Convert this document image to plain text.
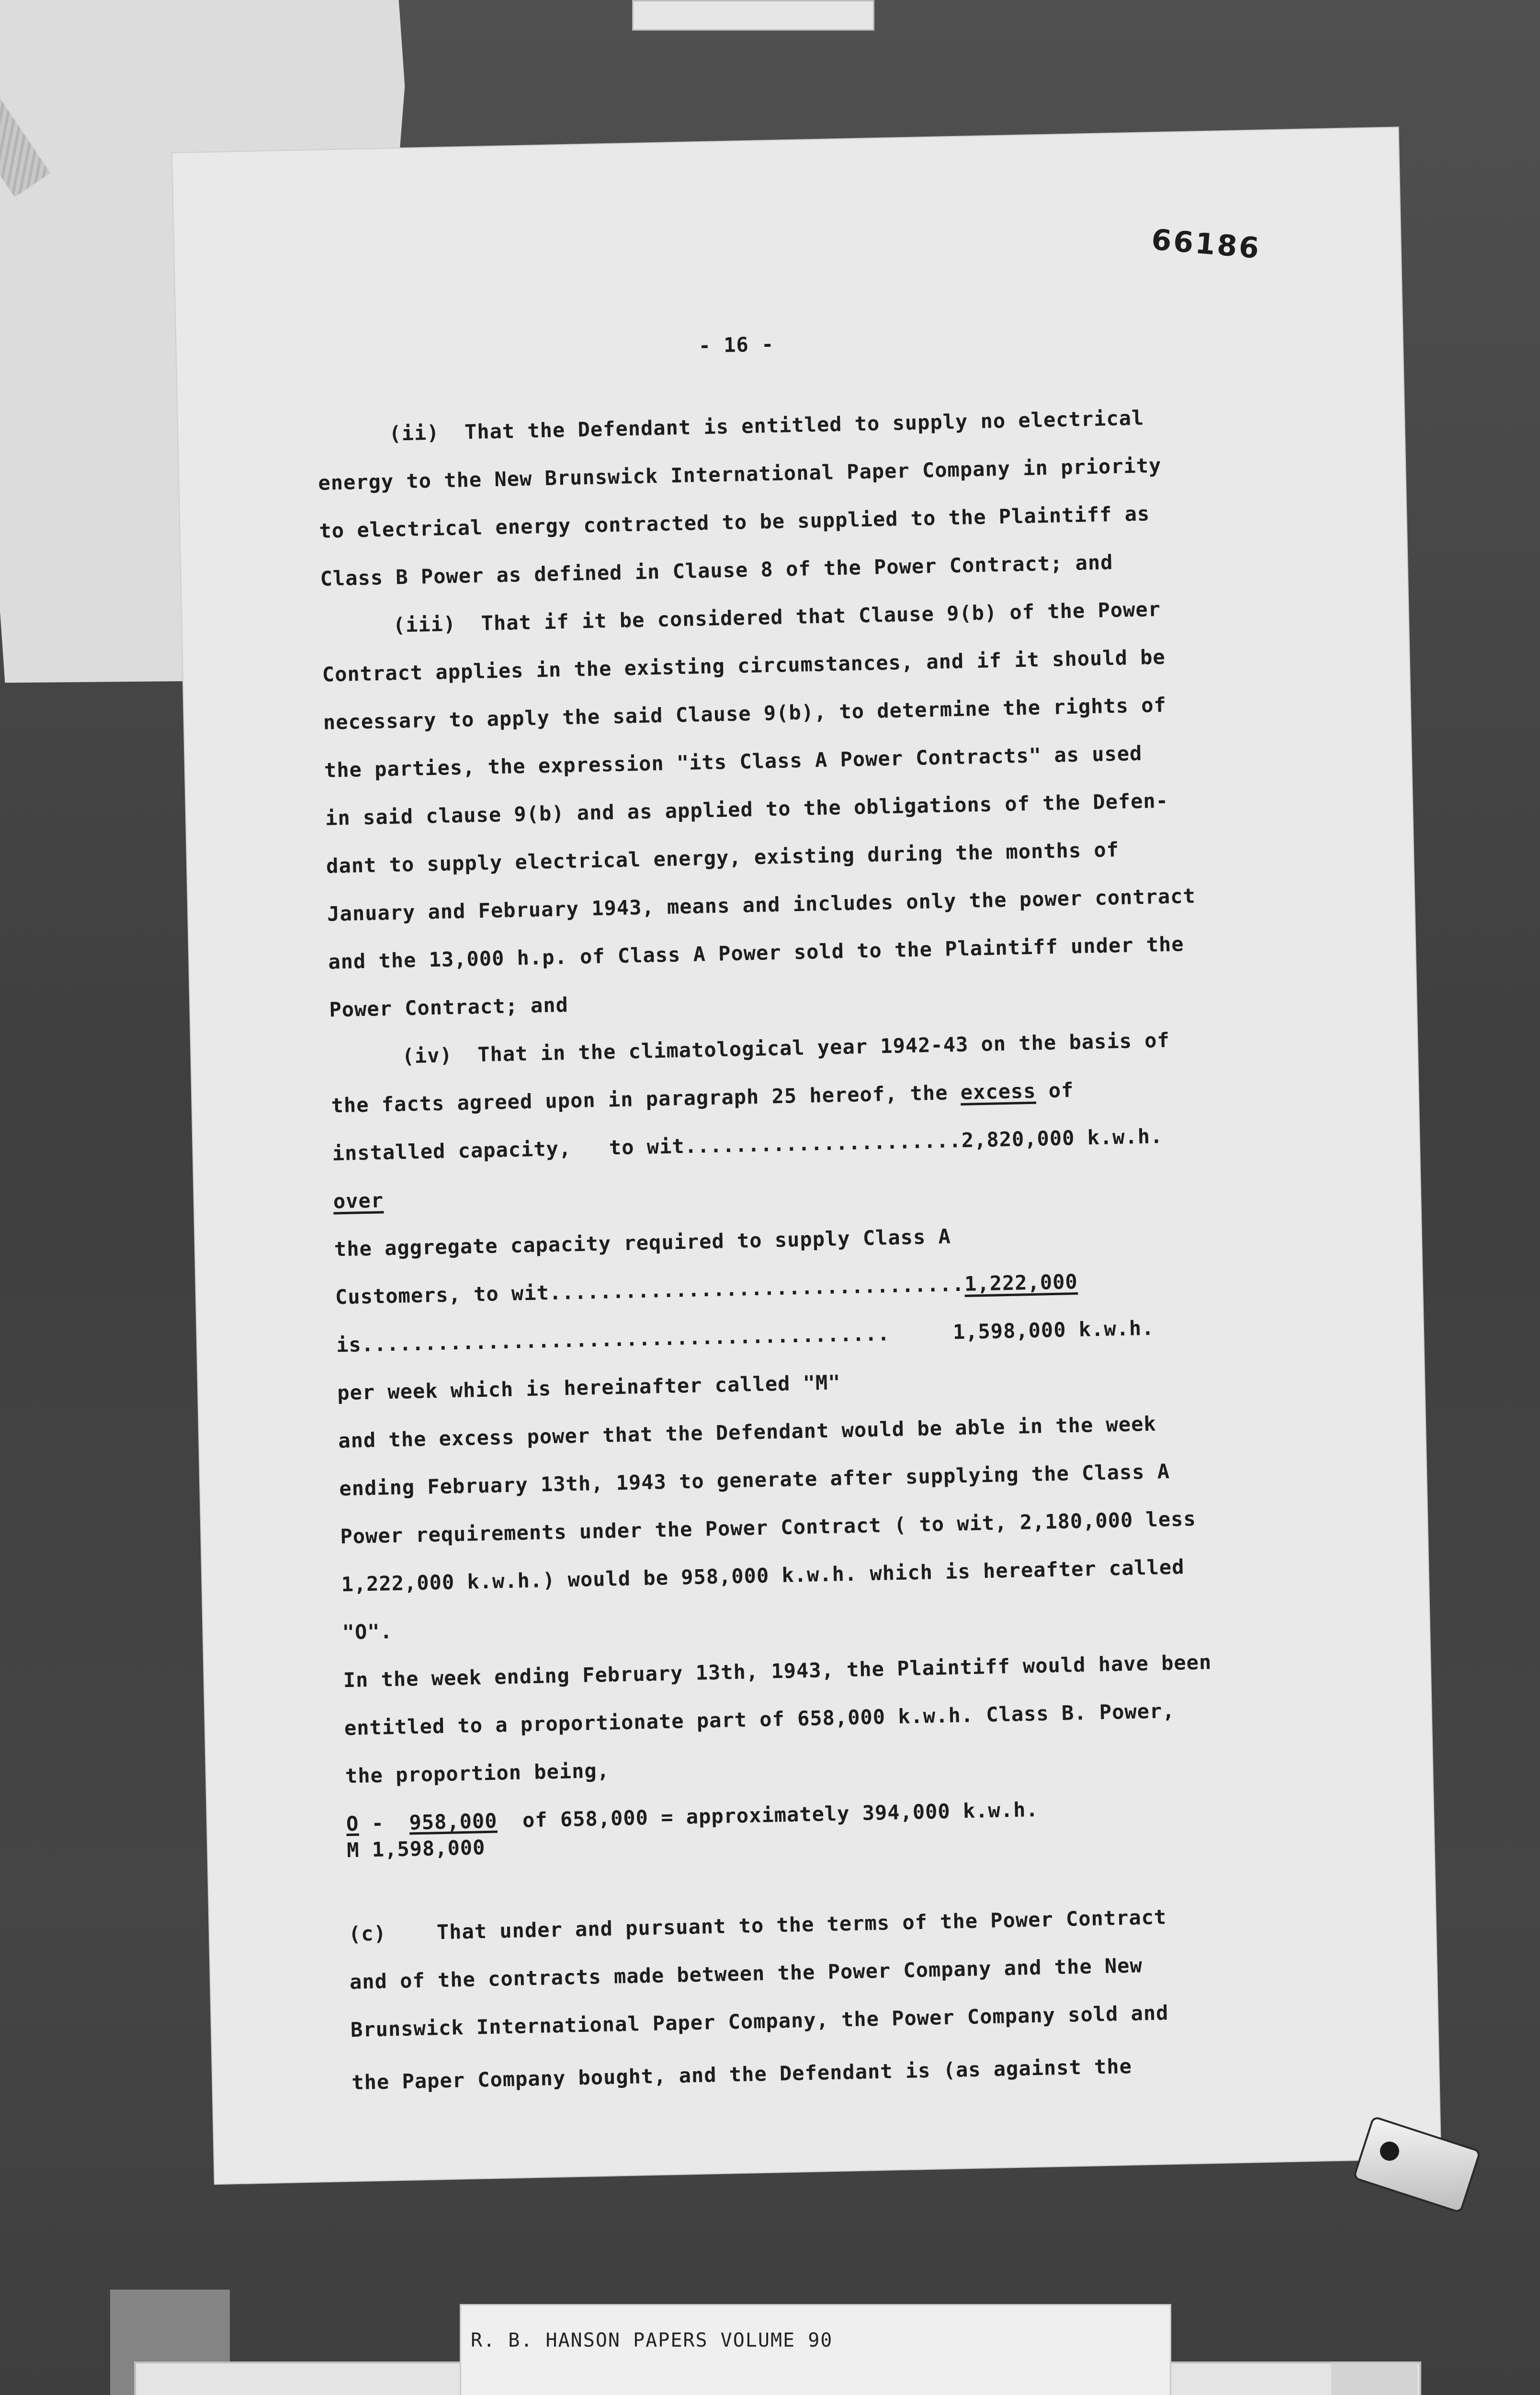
66186
- 16 -
(ii)  That the Defendant is entitled to supply no electrical
energy to the New Brunswick International Paper Company in priority
to electrical energy contracted to be supplied to the Plaintiff as
Class B Power as defined in Clause 8 of the Power Contract; and
(iii)  That if it be considered that Clause 9(b) of the Power
Contract applies in the existing circumstances, and if it should be
necessary to apply the said Clause 9(b), to determine the rights of
the parties, the expression "its Class A Power Contracts" as used
in said clause 9(b) and as applied to the obligations of the Defen-
dant to supply electrical energy, existing during the months of
January and February 1943, means and includes only the power contract
and the 13,000 h.p. of Class A Power sold to the Plaintiff under the
Power Contract; and
(iv)  That in the climatological year 1942-43 on the basis of
the facts agreed upon in paragraph 25 hereof, the excess of
installed capacity,   to wit......................2,820,000 k.w.h.
over
the aggregate capacity required to supply Class A
Customers, to wit.................................1,222,000
is..........................................     1,598,000 k.w.h.
per week which is hereinafter called "M"
and the excess power that the Defendant would be able in the week
ending February 13th, 1943 to generate after supplying the Class A
Power requirements under the Power Contract ( to wit, 2,180,000 less
1,222,000 k.w.h.) would be 958,000 k.w.h. which is hereafter called
"O".
In the week ending February 13th, 1943, the Plaintiff would have been
entitled to a proportionate part of 658,000 k.w.h. Class B. Power,
the proportion being,
O - 958,000 of 658,000 = approximately 394,000 k.w.h.
M 1,598,000
(c)    That under and pursuant to the terms of the Power Contract
and of the contracts made between the Power Company and the New
Brunswick International Paper Company, the Power Company sold and
the Paper Company bought, and the Defendant is (as against the
R. B. HANSON PAPERS VOLUME 90
